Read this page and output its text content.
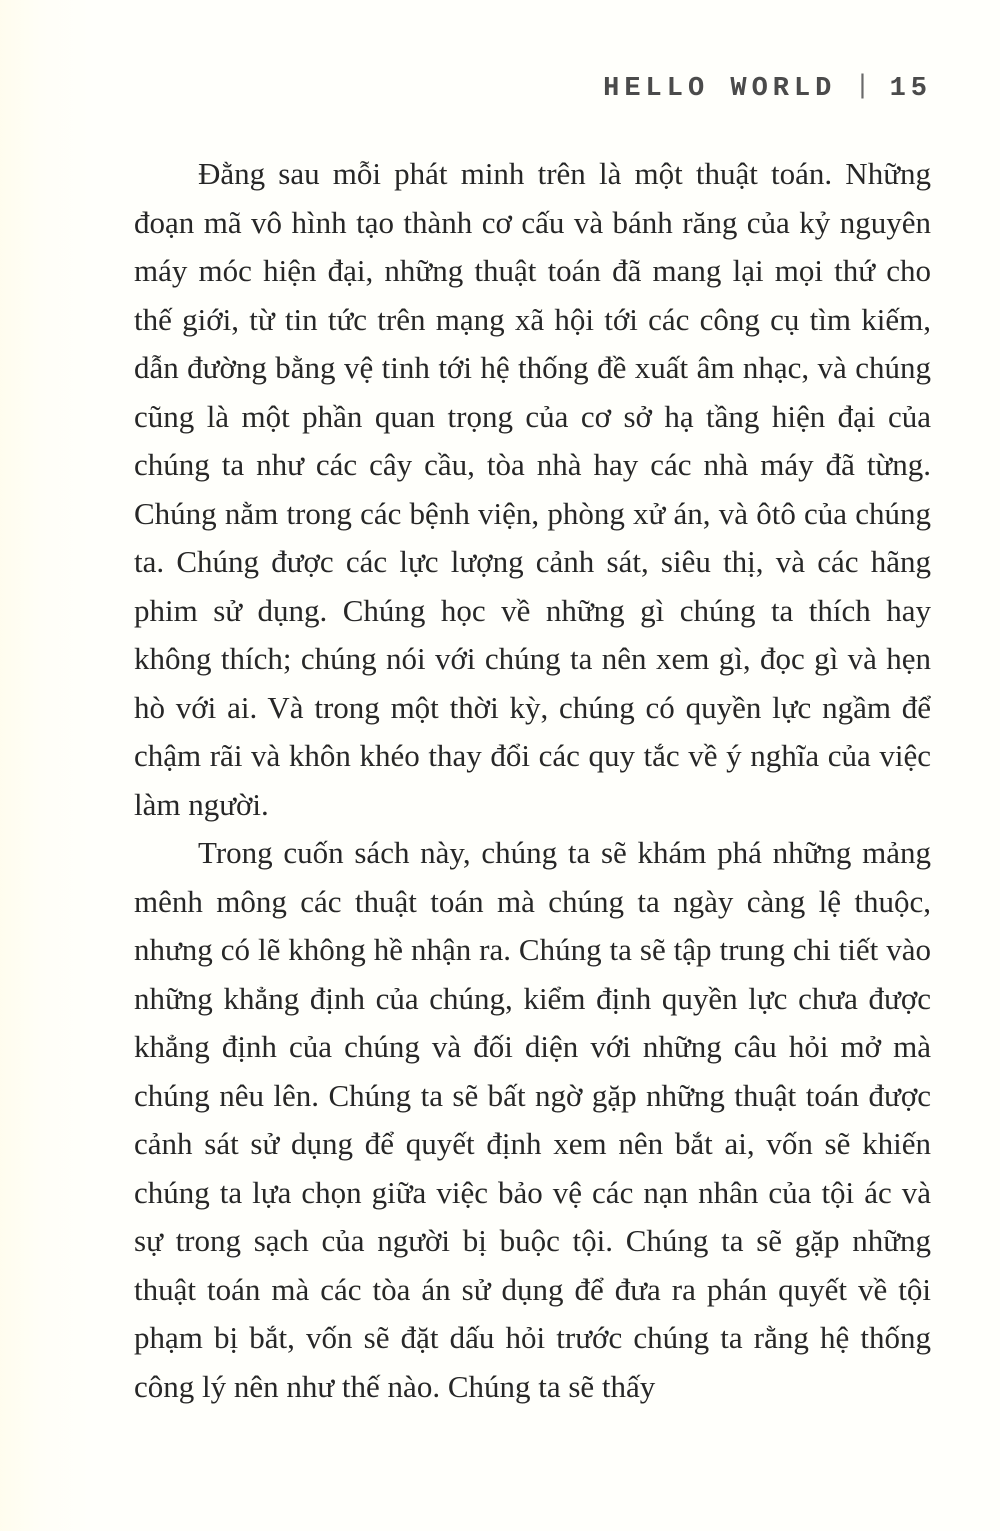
HELLO WORLD | 15

Đằng sau mỗi phát minh trên là một thuật toán. Những đoạn mã vô hình tạo thành cơ cấu và bánh răng của kỷ nguyên máy móc hiện đại, những thuật toán đã mang lại mọi thứ cho thế giới, từ tin tức trên mạng xã hội tới các công cụ tìm kiếm, dẫn đường bằng vệ tinh tới hệ thống đề xuất âm nhạc, và chúng cũng là một phần quan trọng của cơ sở hạ tầng hiện đại của chúng ta như các cây cầu, tòa nhà hay các nhà máy đã từng. Chúng nằm trong các bệnh viện, phòng xử án, và ôtô của chúng ta. Chúng được các lực lượng cảnh sát, siêu thị, và các hãng phim sử dụng. Chúng học về những gì chúng ta thích hay không thích; chúng nói với chúng ta nên xem gì, đọc gì và hẹn hò với ai. Và trong một thời kỳ, chúng có quyền lực ngầm để chậm rãi và khôn khéo thay đổi các quy tắc về ý nghĩa của việc làm người.

Trong cuốn sách này, chúng ta sẽ khám phá những mảng mênh mông các thuật toán mà chúng ta ngày càng lệ thuộc, nhưng có lẽ không hề nhận ra. Chúng ta sẽ tập trung chi tiết vào những khẳng định của chúng, kiểm định quyền lực chưa được khẳng định của chúng và đối diện với những câu hỏi mở mà chúng nêu lên. Chúng ta sẽ bất ngờ gặp những thuật toán được cảnh sát sử dụng để quyết định xem nên bắt ai, vốn sẽ khiến chúng ta lựa chọn giữa việc bảo vệ các nạn nhân của tội ác và sự trong sạch của người bị buộc tội. Chúng ta sẽ gặp những thuật toán mà các tòa án sử dụng để đưa ra phán quyết về tội phạm bị bắt, vốn sẽ đặt dấu hỏi trước chúng ta rằng hệ thống công lý nên như thế nào. Chúng ta sẽ thấy
